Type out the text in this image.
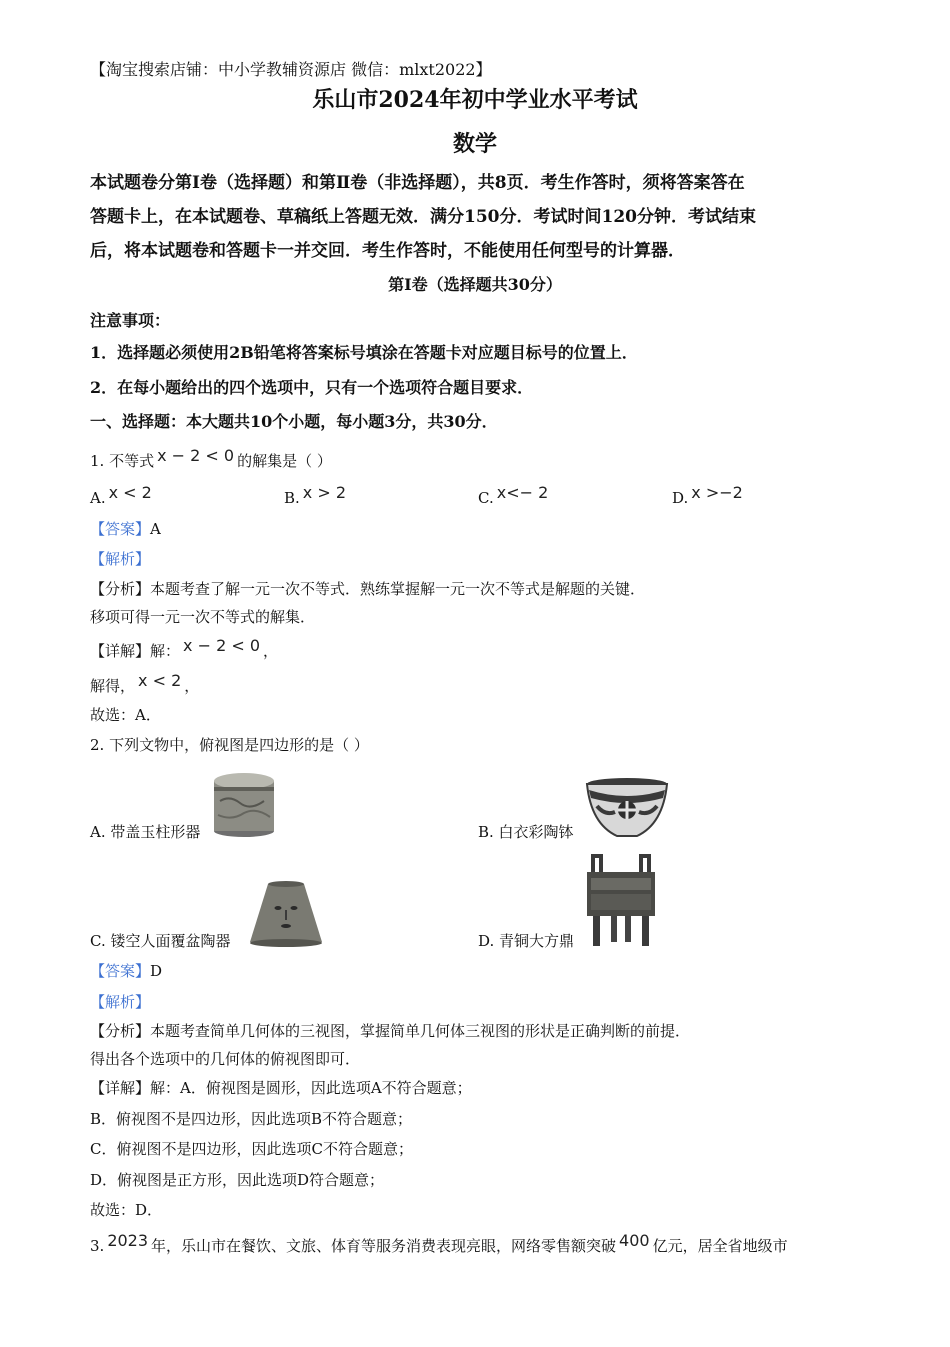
【淘宝搜索店铺：中小学教辅资源店 微信：mlxt2022】
乐山市2024年初中学业水平考试
数学
本试题卷分第Ⅰ卷（选择题）和第Ⅱ卷（非选择题），共8页．考生作答时，须将答案答在
答题卡上，在本试题卷、草稿纸上答题无效．满分150分．考试时间120分钟．考试结束
后，将本试题卷和答题卡一并交回．考生作答时，不能使用任何型号的计算器．
第Ⅰ卷（选择题共30分）
注意事项：
1．选择题必须使用2B铅笔将答案标号填涂在答题卡对应题目标号的位置上．
2．在每小题给出的四个选项中，只有一个选项符合题目要求．
一、选择题：本大题共10个小题，每小题3分，共30分．
1. 不等式 x − 2 < 0 的解集是（ ）
A. x < 2	B. x > 2	C. x<− 2	D. x >−2
【答案】A
【解析】
【分析】本题考查了解一元一次不等式．熟练掌握解一元一次不等式是解题的关键．
移项可得一元一次不等式的解集．
【详解】解： x − 2 < 0 ，
解得， x < 2 ，
故选：A．
2. 下列文物中，俯视图是四边形的是（ ）
A. 带盖玉柱形器	B. 白衣彩陶钵
C. 镂空人面覆盆陶器	D. 青铜大方鼎
【答案】D
【解析】
【分析】本题考查简单几何体的三视图，掌握简单几何体三视图的形状是正确判断的前提．
得出各个选项中的几何体的俯视图即可．
【详解】解：A．俯视图是圆形，因此选项A不符合题意；
B．俯视图不是四边形，因此选项B不符合题意；
C．俯视图不是四边形，因此选项C不符合题意；
D．俯视图是正方形，因此选项D符合题意；
故选：D．
3. 2023 年，乐山市在餐饮、文旅、体育等服务消费表现亮眼，网络零售额突破 400 亿元，居全省地级市
